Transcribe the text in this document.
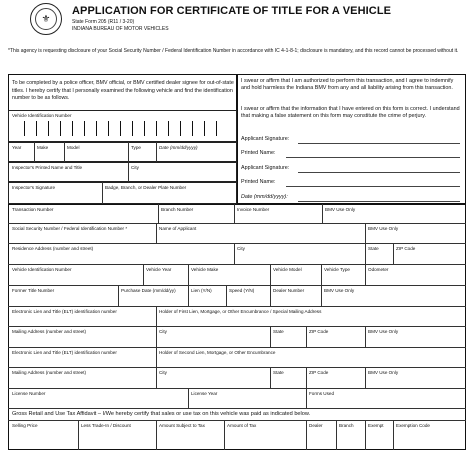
⚜
APPLICATION FOR CERTIFICATE OF TITLE FOR A VEHICLE
State Form 205 (R11 / 3-20)
INDIANA BUREAU OF MOTOR VEHICLES
*This agency is requesting disclosure of your Social Security Number / Federal Identification Number in accordance with IC 4-1-8-1; disclosure is mandatory, and this record cannot be processed without it.
To be completed by a police officer, BMV official, or BMV certified dealer signee for out-of-state titles. I hereby certify that I personally examined the following vehicle and find the identification number to be as follows.
Vehicle Identification Number
Year	Make	Model	Type	Date (mm/dd/yyyy)
Inspector's Printed Name and Title	City
Inspector's Signature	Badge, Branch, or Dealer Plate Number
I swear or affirm that I am authorized to perform this transaction, and I agree to indemnify and hold harmless the Indiana BMV from any and all liability arising from this transaction.
I swear or affirm that the information that I have entered on this form is correct. I understand that making a false statement on this form may constitute the crime of perjury.
Applicant Signature:
Printed Name:
Applicant Signature:
Printed Name:
Date (mm/dd/yyyy):
Transaction Number	Branch Number	Invoice Number	BMV Use Only
Social Security Number / Federal Identification Number *	Name of Applicant	BMV Use Only
Residence Address (number and street)	City	State	ZIP Code
Vehicle Identification Number	Vehicle Year	Vehicle Make	Vehicle Model	Vehicle Type	Odometer
Former Title Number	Purchase Date (mm/dd/yy)	Lien (Y/N)	Speed (Y/N)	Dealer Number	BMV Use Only
Electronic Lien and Title (ELT) identification number	Holder of First Lien, Mortgage, or Other Encumbrance / Special Mailing Address
Mailing Address (number and street)	City	State	ZIP Code	BMV Use Only
Electronic Lien and Title (ELT) identification number	Holder of Second Lien, Mortgage, or Other Encumbrance
Mailing Address (number and street)	City	State	ZIP Code	BMV Use Only
License Number	License Year	Forms Used
Gross Retail and Use Tax Affidavit – I/We hereby certify that sales or use tax on this vehicle was paid as indicated below.
Selling Price	Less Trade-In / Discount	Amount Subject to Tax	Amount of Tax	Dealer	Branch	Exempt	Exemption Code
